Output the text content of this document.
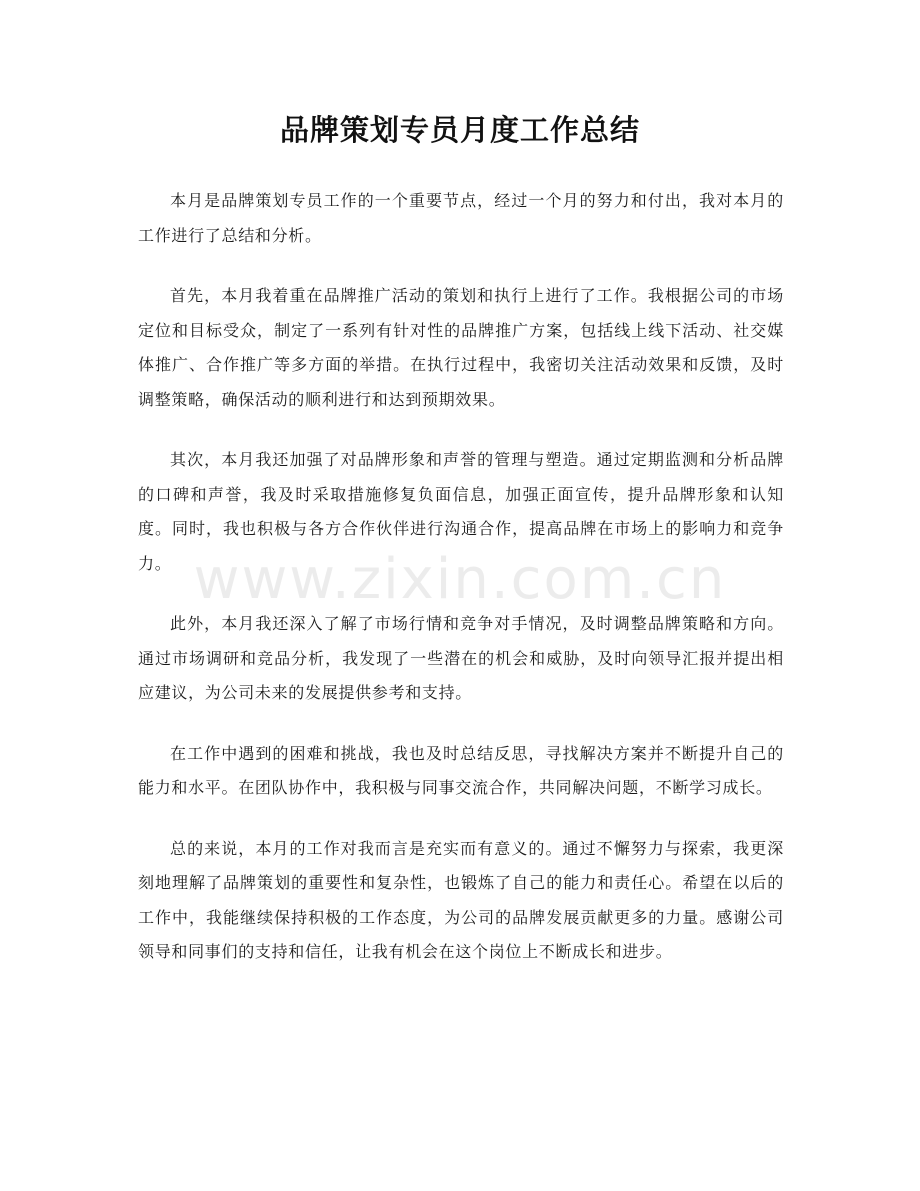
品牌策划专员月度工作总结

本月是品牌策划专员工作的一个重要节点，经过一个月的努力和付出，我对本月的工作进行了总结和分析。

首先，本月我着重在品牌推广活动的策划和执行上进行了工作。我根据公司的市场定位和目标受众，制定了一系列有针对性的品牌推广方案，包括线上线下活动、社交媒体推广、合作推广等多方面的举措。在执行过程中，我密切关注活动效果和反馈，及时调整策略，确保活动的顺利进行和达到预期效果。

其次，本月我还加强了对品牌形象和声誉的管理与塑造。通过定期监测和分析品牌的口碑和声誉，我及时采取措施修复负面信息，加强正面宣传，提升品牌形象和认知度。同时，我也积极与各方合作伙伴进行沟通合作，提高品牌在市场上的影响力和竞争力。

此外，本月我还深入了解了市场行情和竞争对手情况，及时调整品牌策略和方向。通过市场调研和竞品分析，我发现了一些潜在的机会和威胁，及时向领导汇报并提出相应建议，为公司未来的发展提供参考和支持。

在工作中遇到的困难和挑战，我也及时总结反思，寻找解决方案并不断提升自己的能力和水平。在团队协作中，我积极与同事交流合作，共同解决问题，不断学习成长。

总的来说，本月的工作对我而言是充实而有意义的。通过不懈努力与探索，我更深刻地理解了品牌策划的重要性和复杂性，也锻炼了自己的能力和责任心。希望在以后的工作中，我能继续保持积极的工作态度，为公司的品牌发展贡献更多的力量。感谢公司领导和同事们的支持和信任，让我有机会在这个岗位上不断成长和进步。

www.zixin.com.cn
